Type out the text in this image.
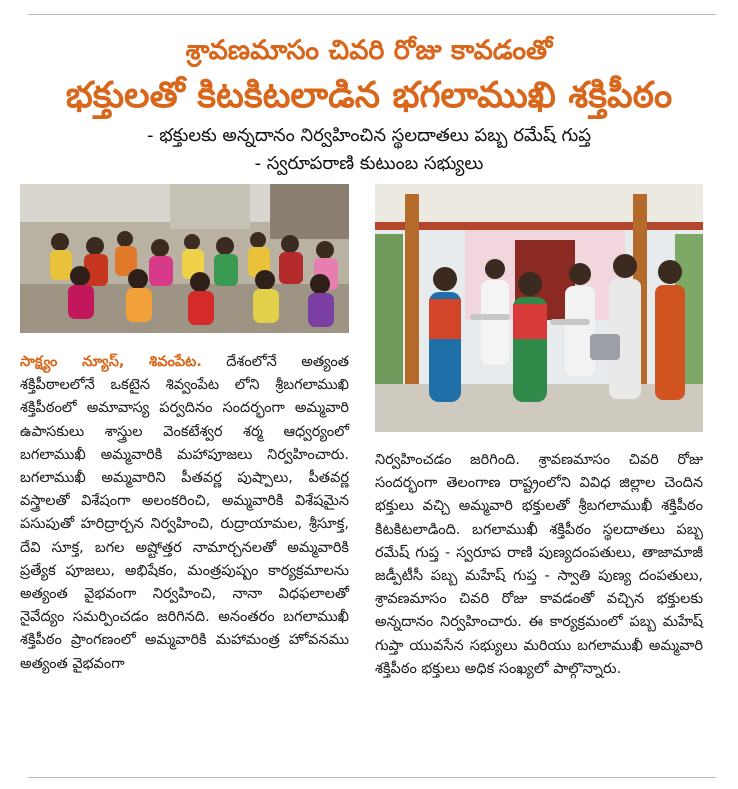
శ్రావణమాసం చివరి రోజు కావడంతో
భక్తులతో కిటకిటలాడిన భగలాముఖి శక్తిపీఠం
- భక్తులకు అన్నదానం నిర్వహించిన స్థలదాతలు పబ్బ రమేష్ గుప్త
- స్వరూపరాణి కుటుంబ సభ్యులు
సాక్ష్యం న్యూస్, శివంపేట. దేశంలోనే అత్యంత శక్తిపీఠాలలోనే ఒకటైన శివ్వంపేట లోని శ్రీబగలాముఖి శక్తిపీఠంలో అమావాస్య పర్వదినం సందర్భంగా అమ్మవారి ఉపాసకులు శాస్త్రుల వెంకటేశ్వర శర్మ ఆధ్వర్యంలో బగలాముఖీ అమ్మవారికి మహాపూజలు నిర్వహించారు. బగలాముఖీ అమ్మవారిని పీతవర్ణ పుష్పాలు, పీతవర్ణ వస్త్రాలతో విశేషంగా అలంకరించి, అమ్మవారికి విశేషమైన పసుపుతో హరిద్రార్చన నిర్వహించి, రుద్రాయామల, శ్రీసూక్త, దేవి సూక్త, బగల అష్టోత్తర నామార్చనలతో అమ్మవారికి ప్రత్యేక పూజలు, అభిషేకం, మంత్రపుష్పం కార్యక్రమాలను అత్యంత వైభవంగా నిర్వహించి, నానా విధఫలాలతో నైవేద్యం సమర్పించడం జరిగినది. అనంతరం బగలాముఖీ శక్తిపీఠం ప్రాంగణంలో అమ్మవారికి మహామంత్ర హోవనము అత్యంత వైభవంగా
నిర్వహించడం జరిగింది. శ్రావణమాసం చివరి రోజు సందర్భంగా తెలంగాణ రాష్ట్రంలోని వివిధ జిల్లాల చెందిన భక్తులు వచ్చి అమ్మవారి భక్తులతో శ్రీబగలాముఖీ శక్తిపీఠం కిటకిటలాడింది. బగలాముఖీ శక్తిపీఠం స్థలదాతలు పబ్బ రమేష్ గుప్త - స్వరూప రాణి పుణ్యదంపతులు, తాజామాజీ జడ్పీటీసీ పబ్బ మహేష్ గుప్త - స్వాతి పుణ్య దంపతులు, శ్రావణమాసం చివరి రోజు కావడంతో వచ్చిన భక్తులకు అన్నదానం నిర్వహించారు. ఈ కార్యక్రమంలో పబ్బ మహేష్ గుప్తా యువసేన సభ్యులు మరియు బగలాముఖీ అమ్మవారి శక్తిపీఠం భక్తులు అధిక సంఖ్యలో పాల్గొన్నారు.
